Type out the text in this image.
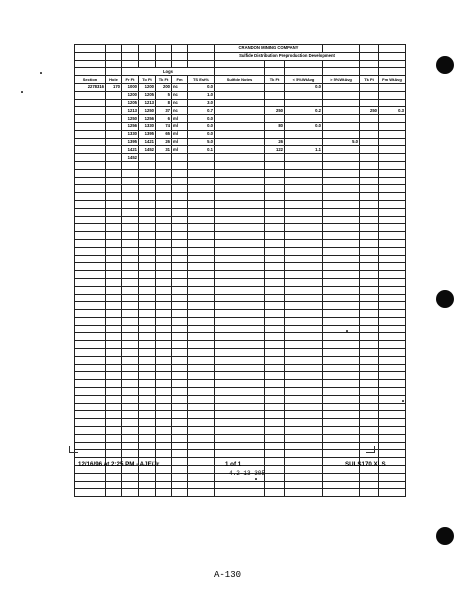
							CRANDON MINING COMPANY					
							Sulfide Distribution Preproduction Development					

		Logs										
Section	Hole	Fr Ft	To Ft	Tk Ft	Fm	TS Est%	Sulfide Notes	Tk Ft	< 5%WtAvg	> 5%WtAvg	Tk Ft	Fm WtAvg
2278316	170	1000	1200	200	nc	0.0			0.0			
		1200	1205	5	nc	1.0						
		1205	1213	8	nc	3.0						
		1213	1250	37	nc	0.7		250	0.2		250	0.3
		1250	1256	6	ml	0.0						
		1256	1330	74	ml	0.0		80	0.0			
		1330	1395	65	ml	0.0						
		1395	1421	26	ml	5.0		26		5.0		
		1421	1452	31	ml	0.1		122	1.1			
		1452										

12/16/96 at 2:25 PM - AJE/Jr	1 of 1	SULS170.XLS
4.2-13-305
A-130
